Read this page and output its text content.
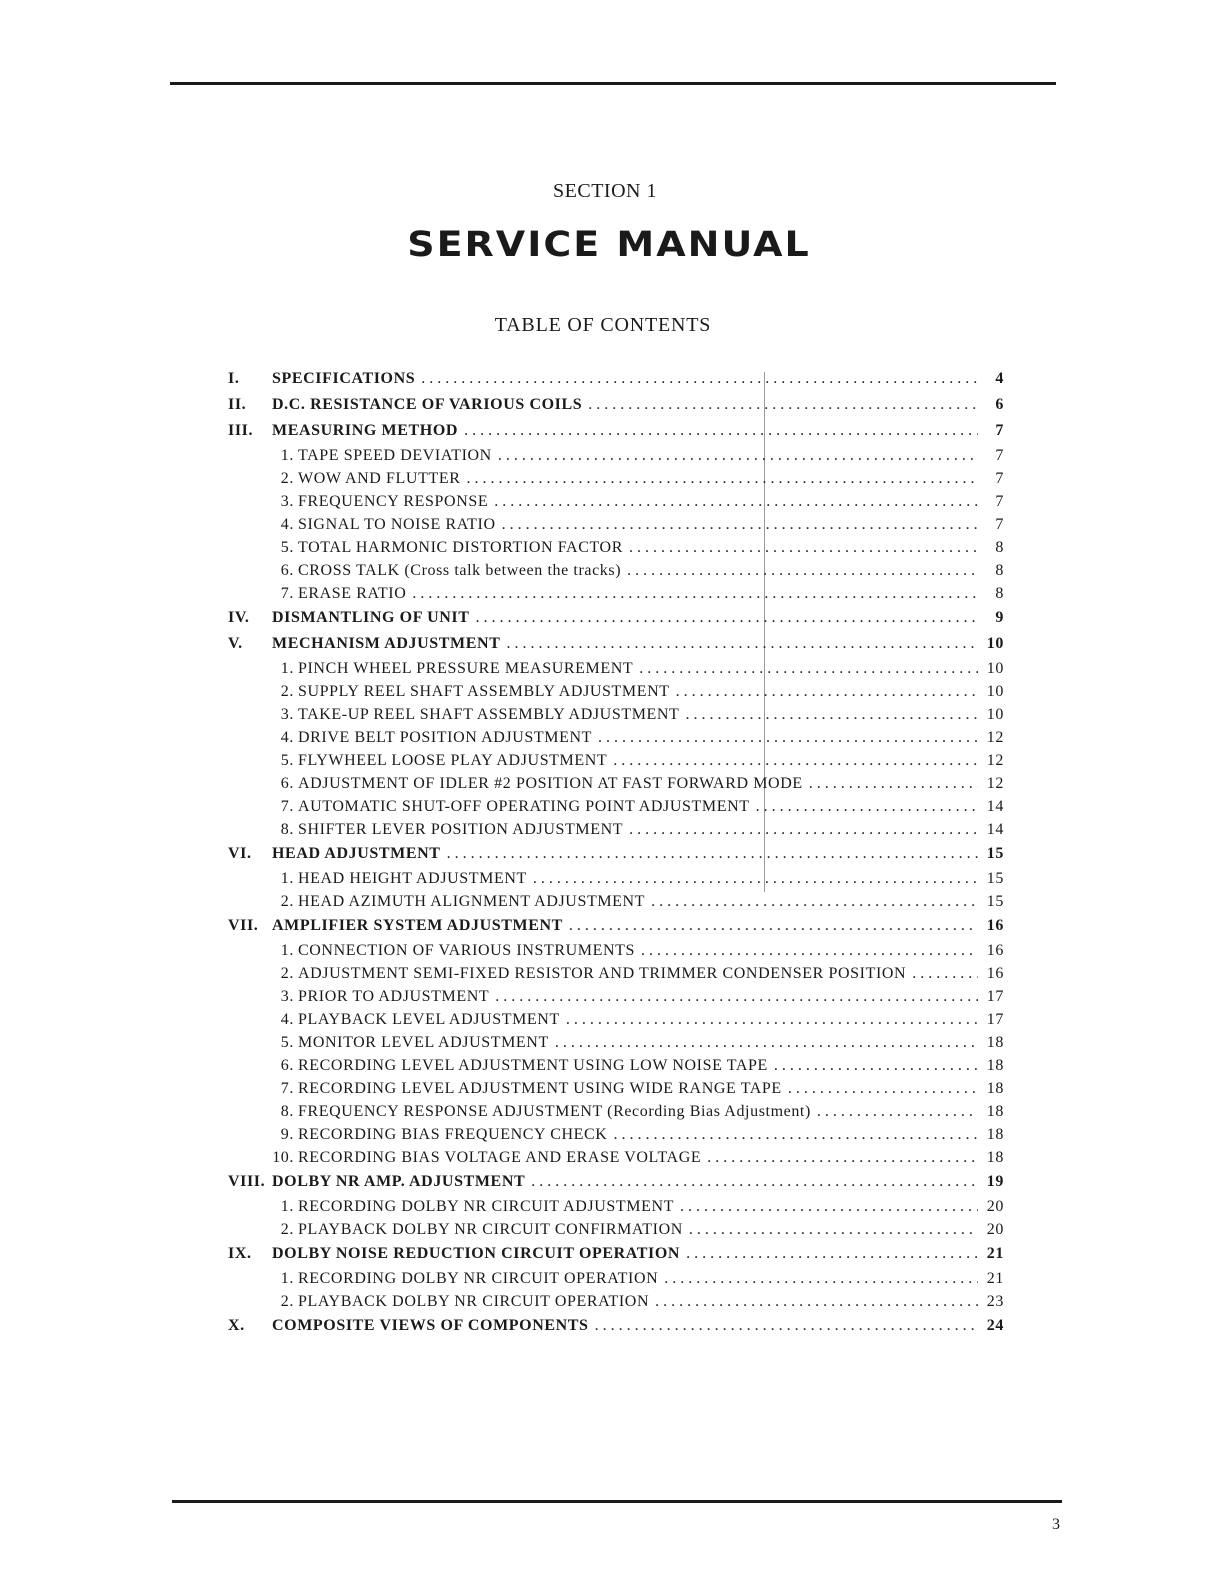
SECTION 1
SERVICE MANUAL
TABLE OF CONTENTS
I.	SPECIFICATIONS . . .	4
II.	D.C. RESISTANCE OF VARIOUS COILS . . .	6
III.	MEASURING METHOD . . .	7
1. TAPE SPEED DEVIATION . . .	7
2. WOW AND FLUTTER . . .	7
3. FREQUENCY RESPONSE . . .	7
4. SIGNAL TO NOISE RATIO . . .	7
5. TOTAL HARMONIC DISTORTION FACTOR . . .	8
6. CROSS TALK (Cross talk between the tracks) . . .	8
7. ERASE RATIO . . .	8
IV.	DISMANTLING OF UNIT . . .	9
V.	MECHANISM ADJUSTMENT . . .	10
1. PINCH WHEEL PRESSURE MEASUREMENT . . .	10
2. SUPPLY REEL SHAFT ASSEMBLY ADJUSTMENT . . .	10
3. TAKE-UP REEL SHAFT ASSEMBLY ADJUSTMENT . . .	10
4. DRIVE BELT POSITION ADJUSTMENT . . .	12
5. FLYWHEEL LOOSE PLAY ADJUSTMENT . . .	12
6. ADJUSTMENT OF IDLER #2 POSITION AT FAST FORWARD MODE . . .	12
7. AUTOMATIC SHUT-OFF OPERATING POINT ADJUSTMENT . . .	14
8. SHIFTER LEVER POSITION ADJUSTMENT . . .	14
VI.	HEAD ADJUSTMENT . . .	15
1. HEAD HEIGHT ADJUSTMENT . . .	15
2. HEAD AZIMUTH ALIGNMENT ADJUSTMENT . . .	15
VII. AMPLIFIER SYSTEM ADJUSTMENT . . .	16
1. CONNECTION OF VARIOUS INSTRUMENTS . . .	16
2. ADJUSTMENT SEMI-FIXED RESISTOR AND TRIMMER CONDENSER POSITION . . .	16
3. PRIOR TO ADJUSTMENT . . .	17
4. PLAYBACK LEVEL ADJUSTMENT . . .	17
5. MONITOR LEVEL ADJUSTMENT . . .	18
6. RECORDING LEVEL ADJUSTMENT USING LOW NOISE TAPE . . .	18
7. RECORDING LEVEL ADJUSTMENT USING WIDE RANGE TAPE . . .	18
8. FREQUENCY RESPONSE ADJUSTMENT (Recording Bias Adjustment) . . .	18
9. RECORDING BIAS FREQUENCY CHECK . . .	18
10. RECORDING BIAS VOLTAGE AND ERASE VOLTAGE . . .	18
VIII. DOLBY NR AMP. ADJUSTMENT . . .	19
1. RECORDING DOLBY NR CIRCUIT ADJUSTMENT . . .	20
2. PLAYBACK DOLBY NR CIRCUIT CONFIRMATION . . .	20
IX.	DOLBY NOISE REDUCTION CIRCUIT OPERATION . . .	21
1. RECORDING DOLBY NR CIRCUIT OPERATION . . .	21
2. PLAYBACK DOLBY NR CIRCUIT OPERATION . . .	23
X.	COMPOSITE VIEWS OF COMPONENTS . . .	24
3
